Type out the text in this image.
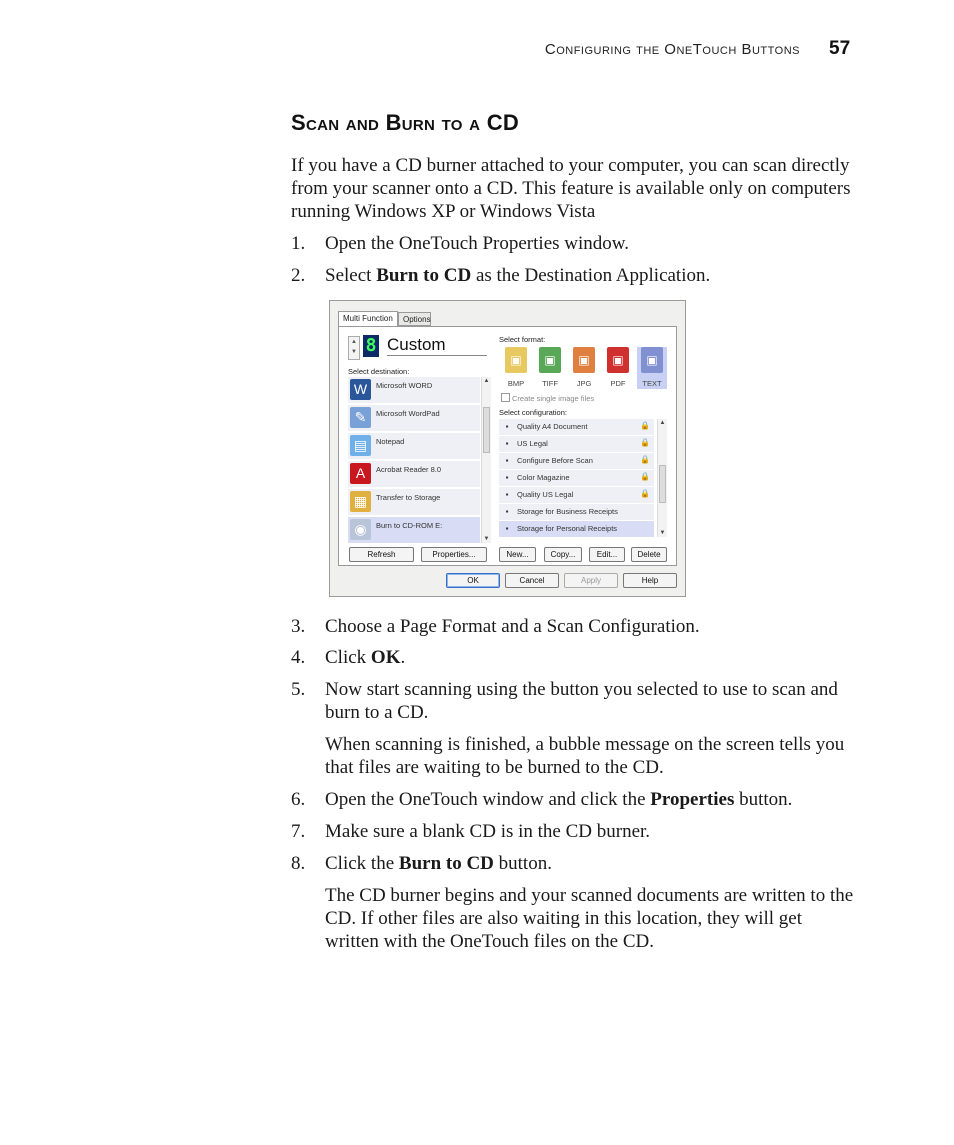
Configuring the OneTouch Buttons 57
Scan and Burn to a CD
If you have a CD burner attached to your computer, you can scan directly from your scanner onto a CD. This feature is available only on computers running Windows XP or Windows Vista
1.	Open the OneTouch Properties window.
2.	Select Burn to CD as the Destination Application.
Multi Function	Options
▲
▼ 8 Custom
Select destination:
W	Microsoft WORD
✎	Microsoft WordPad
▤	Notepad
A	Acrobat Reader 8.0
▦	Transfer to Storage
◉	Burn to CD-ROM E:
▲
▼
Select format:
Create single image files
Select configuration:
▪	Quality A4 Document	🔒
▪	US Legal	🔒
▪	Configure Before Scan	🔒
▪	Color Magazine	🔒
▪	Quality US Legal	🔒
▪	Storage for Business Receipts
▪	Storage for Personal Receipts
▲
▼
Refresh	Properties...	New...	Copy...	Edit...	Delete
▣
BMP
▣
TIFF
▣
JPG
▣
PDF
▣
TEXT
OK	Cancel	Apply	Help
3.	Choose a Page Format and a Scan Configuration.
4.	Click OK.
5.	Now start scanning using the button you selected to use to scan and burn to a CD.
6.	Open the OneTouch window and click the Properties button.
7.	Make sure a blank CD is in the CD burner.
8.	Click the Burn to CD button.
When scanning is finished, a bubble message on the screen tells you that files are waiting to be burned to the CD.
The CD burner begins and your scanned documents are written to the CD. If other files are also waiting in this location, they will get written with the OneTouch files on the CD.
